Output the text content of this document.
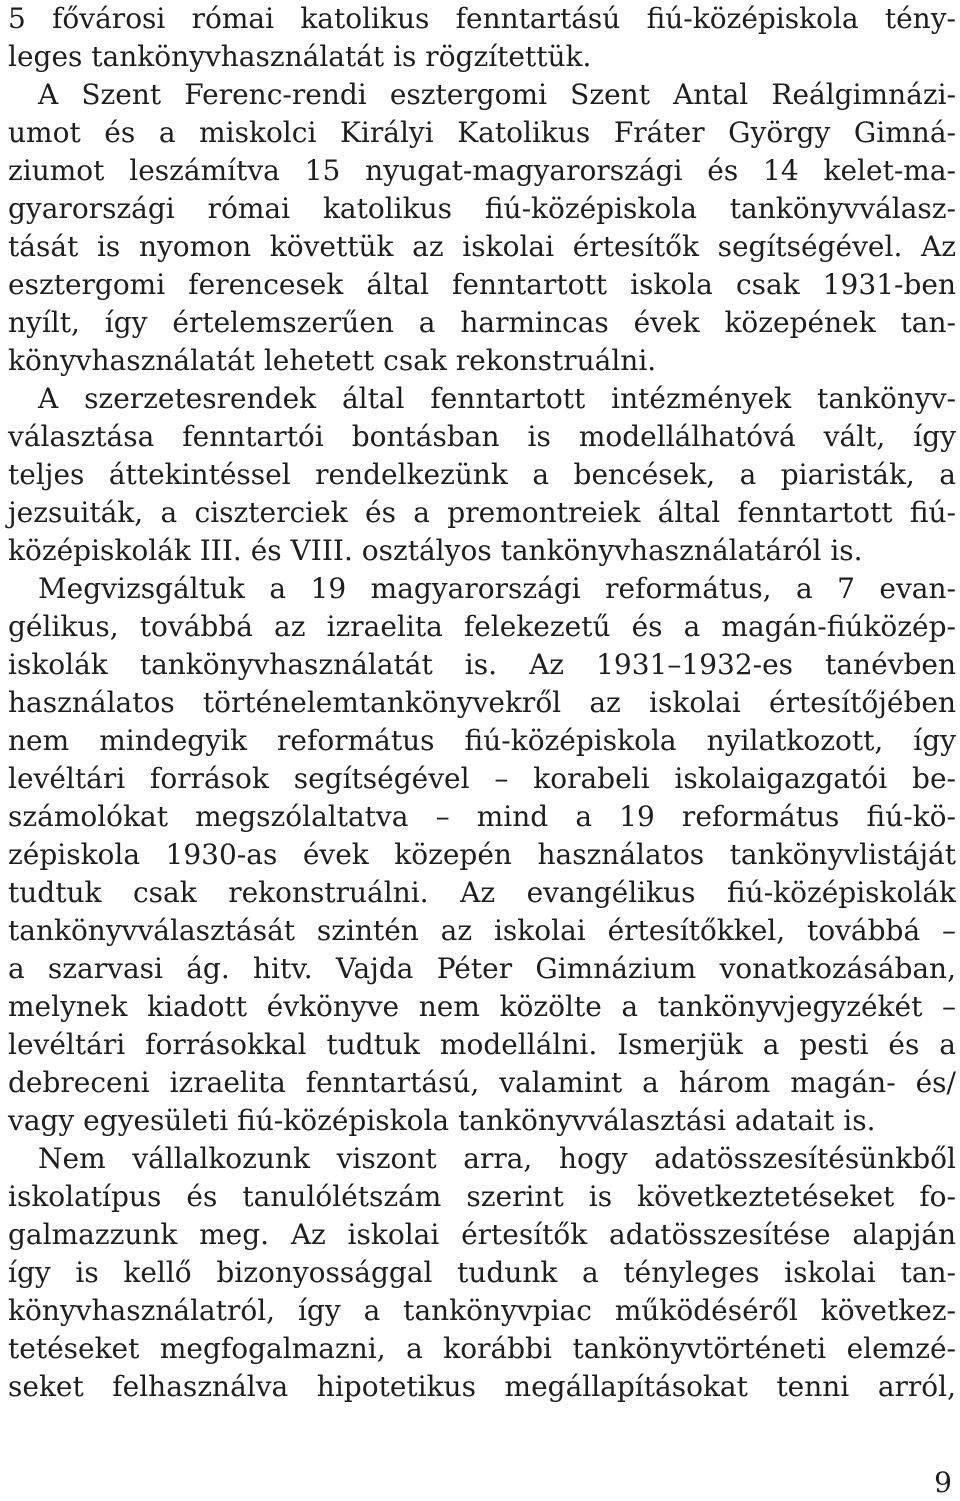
5 fővárosi római katolikus fenntartású fiú-középiskola tény-
leges tankönyvhasználatát is rögzítettük.
A Szent Ferenc-rendi esztergomi Szent Antal Reálgimnázi-
umot és a miskolci Királyi Katolikus Fráter György Gimná-
ziumot leszámítva 15 nyugat-magyarországi és 14 kelet-ma-
gyarországi római katolikus fiú-középiskola tankönyvválasz-
tását is nyomon követtük az iskolai értesítők segítségével. Az
esztergomi ferencesek által fenntartott iskola csak 1931-ben
nyílt, így értelemszerűen a harmincas évek közepének tan-
könyvhasználatát lehetett csak rekonstruálni.
A szerzetesrendek által fenntartott intézmények tankönyv-
választása fenntartói bontásban is modellálhatóvá vált, így
teljes áttekintéssel rendelkezünk a bencések, a piaristák, a
jezsuiták, a ciszterciek és a premontreiek által fenntartott fiú-
középiskolák III. és VIII. osztályos tankönyvhasználatáról is.
Megvizsgáltuk a 19 magyarországi református, a 7 evan-
gélikus, továbbá az izraelita felekezetű és a magán-fiúközép-
iskolák tankönyvhasználatát is. Az 1931–1932-es tanévben
használatos történelemtankönyvekről az iskolai értesítőjében
nem mindegyik református fiú-középiskola nyilatkozott, így
levéltári források segítségével – korabeli iskolaigazgatói be-
számolókat megszólaltatva – mind a 19 református fiú-kö-
zépiskola 1930-as évek közepén használatos tankönyvlistáját
tudtuk csak rekonstruálni. Az evangélikus fiú-középiskolák
tankönyvválasztását szintén az iskolai értesítőkkel, továbbá –
a szarvasi ág. hitv. Vajda Péter Gimnázium vonatkozásában,
melynek kiadott évkönyve nem közölte a tankönyvjegyzékét –
levéltári forrásokkal tudtuk modellálni. Ismerjük a pesti és a
debreceni izraelita fenntartású, valamint a három magán- és/
vagy egyesületi fiú-középiskola tankönyvválasztási adatait is.
Nem vállalkozunk viszont arra, hogy adatösszesítésünkből
iskolatípus és tanulólétszám szerint is következtetéseket fo-
galmazzunk meg. Az iskolai értesítők adatösszesítése alapján
így is kellő bizonyossággal tudunk a tényleges iskolai tan-
könyvhasználatról, így a tankönyvpiac működéséről következ-
tetéseket megfogalmazni, a korábbi tankönyvtörténeti elemzé-
seket felhasználva hipotetikus megállapításokat tenni arról,
9
